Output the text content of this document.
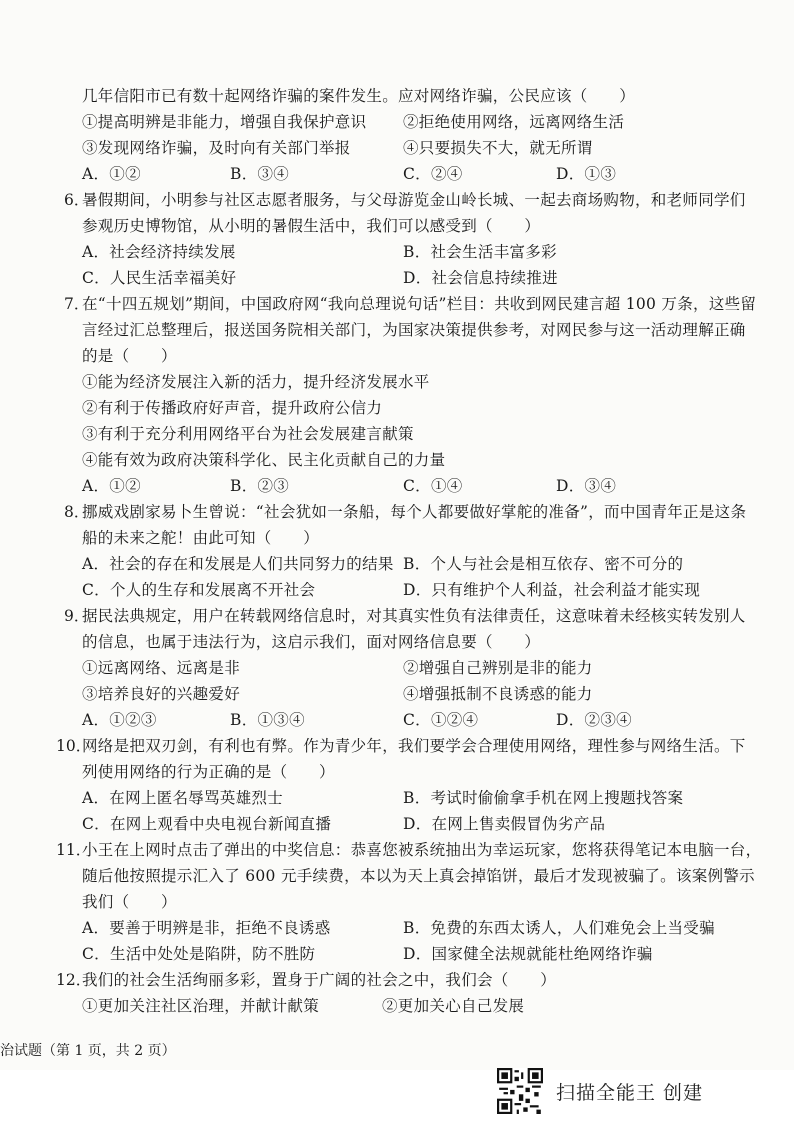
几年信阳市已有数十起网络诈骗的案件发生。应对网络诈骗，公民应该（　　）
①提高明辨是非能力，增强自我保护意识 ②拒绝使用网络，远离网络生活
③发现网络诈骗，及时向有关部门举报	④只要损失不大，就无所谓
A．①②	B．③④	C．②④	D．①③
6．
暑假期间，小明参与社区志愿者服务，与父母游览金山岭长城、一起去商场购物，和老师同学们
参观历史博物馆，从小明的暑假生活中，我们可以感受到（　　）
A．社会经济持续发展	B．社会生活丰富多彩
C．人民生活幸福美好	D．社会信息持续推进
7．
在“十四五规划”期间，中国政府网“我向总理说句话”栏目：共收到网民建言超 100 万条，这些留
言经过汇总整理后，报送国务院相关部门，为国家决策提供参考，对网民参与这一活动理解正确
的是（　　）
①能为经济发展注入新的活力，提升经济发展水平
②有利于传播政府好声音，提升政府公信力
③有利于充分利用网络平台为社会发展建言献策
④能有效为政府决策科学化、民主化贡献自己的力量
A．①②	B．②③	C．①④	D．③④
8．
挪威戏剧家易卜生曾说：“社会犹如一条船，每个人都要做好掌舵的准备”，而中国青年正是这条
船的未来之舵！由此可知（　　）
A．社会的存在和发展是人们共同努力的结果 B．个人与社会是相互依存、密不可分的
C．个人的生存和发展离不开社会	D．只有维护个人利益，社会利益才能实现
9．
据民法典规定，用户在转载网络信息时，对其真实性负有法律责任，这意味着未经核实转发别人
的信息，也属于违法行为，这启示我们，面对网络信息要（　　）
①远离网络、远离是非	②增强自己辨别是非的能力
③培养良好的兴趣爱好	④增强抵制不良诱惑的能力
A．①②③	B．①③④	C．①②④	D．②③④
10．
网络是把双刃剑，有利也有弊。作为青少年，我们要学会合理使用网络，理性参与网络生活。下
列使用网络的行为正确的是（　　）
A．在网上匿名辱骂英雄烈士	B．考试时偷偷拿手机在网上搜题找答案
C．在网上观看中央电视台新闻直播	D．在网上售卖假冒伪劣产品
11．
小王在上网时点击了弹出的中奖信息：恭喜您被系统抽出为幸运玩家，您将获得笔记本电脑一台，
随后他按照提示汇入了 600 元手续费，本以为天上真会掉馅饼，最后才发现被骗了。该案例警示
我们（　　）
A．要善于明辨是非，拒绝不良诱惑	B．免费的东西太诱人，人们难免会上当受骗
C．生活中处处是陷阱，防不胜防	D．国家健全法规就能杜绝网络诈骗
12．
我们的社会生活绚丽多彩，置身于广阔的社会之中，我们会（　　）
①更加关注社区治理，并献计献策	②更加关心自己发展
治试题（第 1 页，共 2 页）
扫描全能王 创建
